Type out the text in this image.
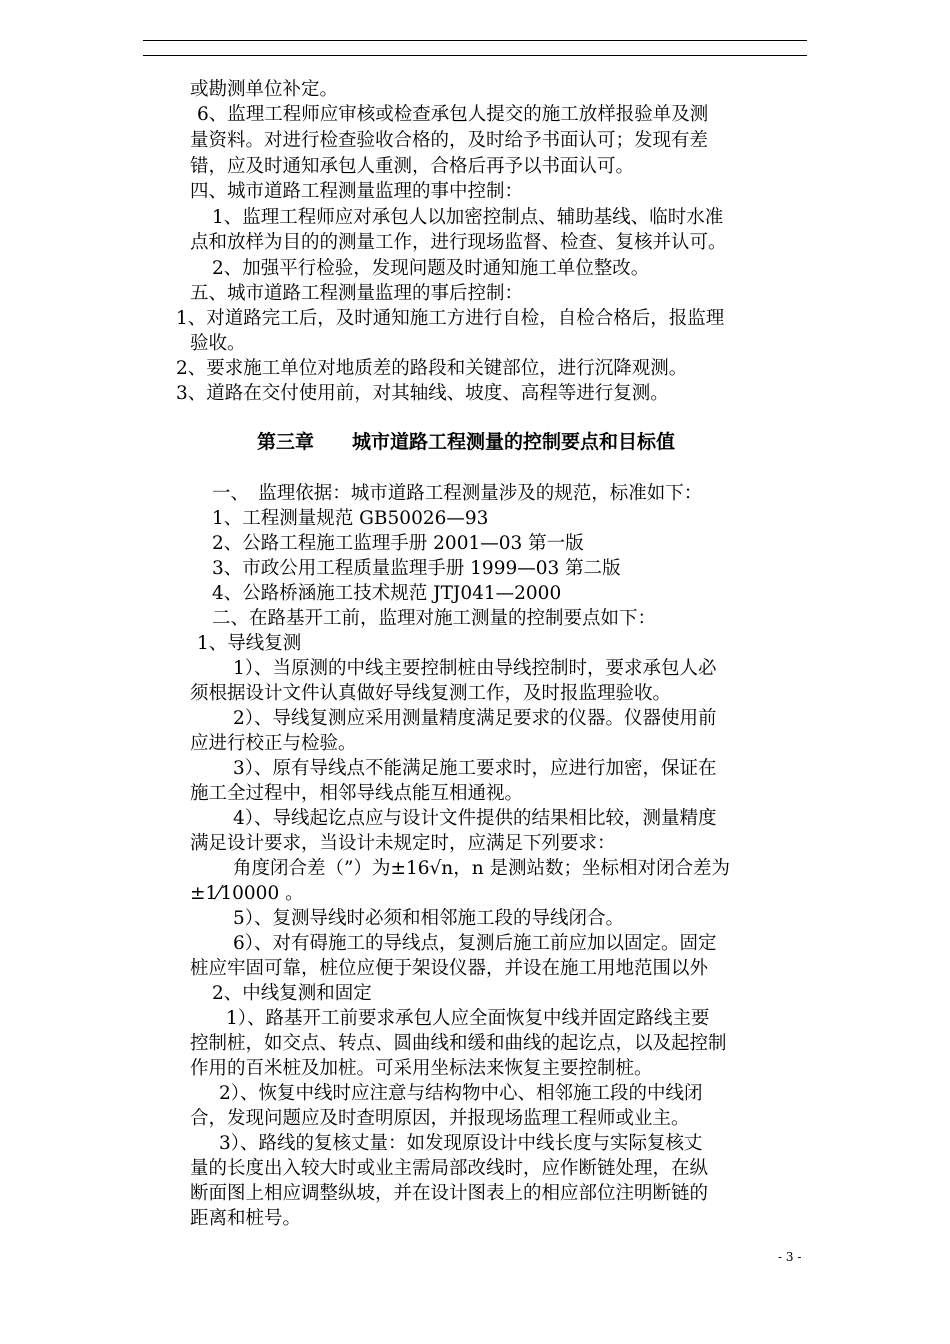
或勘测单位补定。
6、监理工程师应审核或检查承包人提交的施工放样报验单及测
量资料。对进行检查验收合格的，及时给予书面认可；发现有差
错，应及时通知承包人重测，合格后再予以书面认可。
四、城市道路工程测量监理的事中控制：
1、监理工程师应对承包人以加密控制点、辅助基线、临时水准
点和放样为目的的测量工作，进行现场监督、检查、复核并认可。
2、加强平行检验，发现问题及时通知施工单位整改。
五、城市道路工程测量监理的事后控制：
1、对道路完工后，及时通知施工方进行自检，自检合格后，报监理
验收。
2、要求施工单位对地质差的路段和关键部位，进行沉降观测。
3、道路在交付使用前，对其轴线、坡度、高程等进行复测。
第三章　　城市道路工程测量的控制要点和目标值
一、　监理依据：城市道路工程测量涉及的规范，标准如下：
1、工程测量规范 GB50026—93
2、公路工程施工监理手册 2001—03 第一版
3、市政公用工程质量监理手册 1999—03 第二版
4、公路桥涵施工技术规范 JTJ041—2000
二、在路基开工前，监理对施工测量的控制要点如下：
1、导线复测
1）、当原测的中线主要控制桩由导线控制时，要求承包人必
须根据设计文件认真做好导线复测工作，及时报监理验收。
2）、导线复测应采用测量精度满足要求的仪器。仪器使用前
应进行校正与检验。
3）、原有导线点不能满足施工要求时，应进行加密，保证在
施工全过程中，相邻导线点能互相通视。
4）、导线起讫点应与设计文件提供的结果相比较，测量精度
满足设计要求，当设计未规定时，应满足下列要求：
角度闭合差（”）为±16√n，n 是测站数；坐标相对闭合差为
±1⁄10000 。
5）、复测导线时必须和相邻施工段的导线闭合。
6）、对有碍施工的导线点，复测后施工前应加以固定。固定
桩应牢固可靠，桩位应便于架设仪器，并设在施工用地范围以外
2、中线复测和固定
1）、路基开工前要求承包人应全面恢复中线并固定路线主要
控制桩，如交点、转点、圆曲线和缓和曲线的起讫点，以及起控制
作用的百米桩及加桩。可采用坐标法来恢复主要控制桩。
2）、恢复中线时应注意与结构物中心、相邻施工段的中线闭
合，发现问题应及时查明原因，并报现场监理工程师或业主。
3）、路线的复核丈量：如发现原设计中线长度与实际复核丈
量的长度出入较大时或业主需局部改线时，应作断链处理，在纵
断面图上相应调整纵坡，并在设计图表上的相应部位注明断链的
距离和桩号。
- 3 -
